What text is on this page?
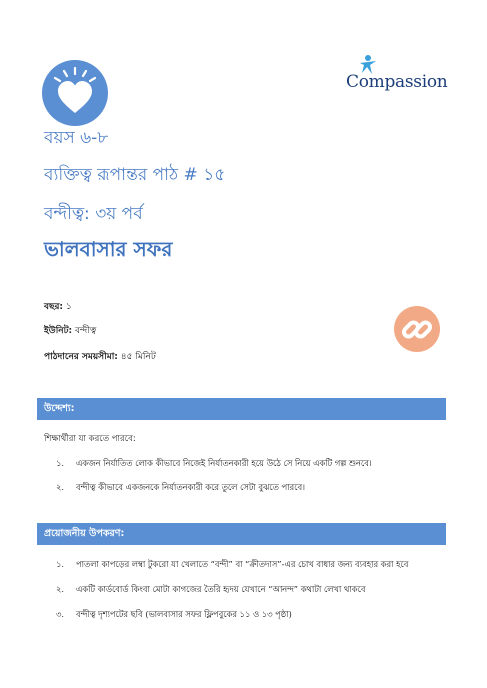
Compassion
বয়স ৬-৮
ব্যক্তিত্ব রূপান্তর পাঠ # ১৫
বন্দীত্ব: ৩য় পর্ব
ভালবাসার সফর
বছর: ১
ইউনিট: বন্দীত্ব
পাঠদানের সময়সীমা: ৪৫ মিনিট
উদ্দেশ্য:
শিক্ষার্থীরা যা করতে পারবে:
১. একজন নির্যাতিত লোক কীভাবে নিজেই নির্যাতনকারী হয়ে উঠে সে নিয়ে একটি গল্প শুনবে।
২. বন্দীত্ব কীভাবে একজনকে নির্যাতনকারী করে তুলে সেটা বুঝতে পারবে।
প্রয়োজনীয় উপকরণ:
১. পাতলা কাপড়ের লম্বা টুকরো যা খেলাতে “বন্দী” বা “ক্রীতদাস”-এর চোখ বাধার জন্য ব্যবহার করা হবে
২. একটি কার্ডবোর্ড কিংবা মোটা কাগজের তৈরি হৃদয় যেখানে “আনন্দ” কথাটা লেখা থাকবে
৩. বন্দীত্ব দৃশ্যপটের ছবি (ভালবাসার সফর ফ্লিপবুকের ১১ ও ১৩ পৃষ্ঠা)
